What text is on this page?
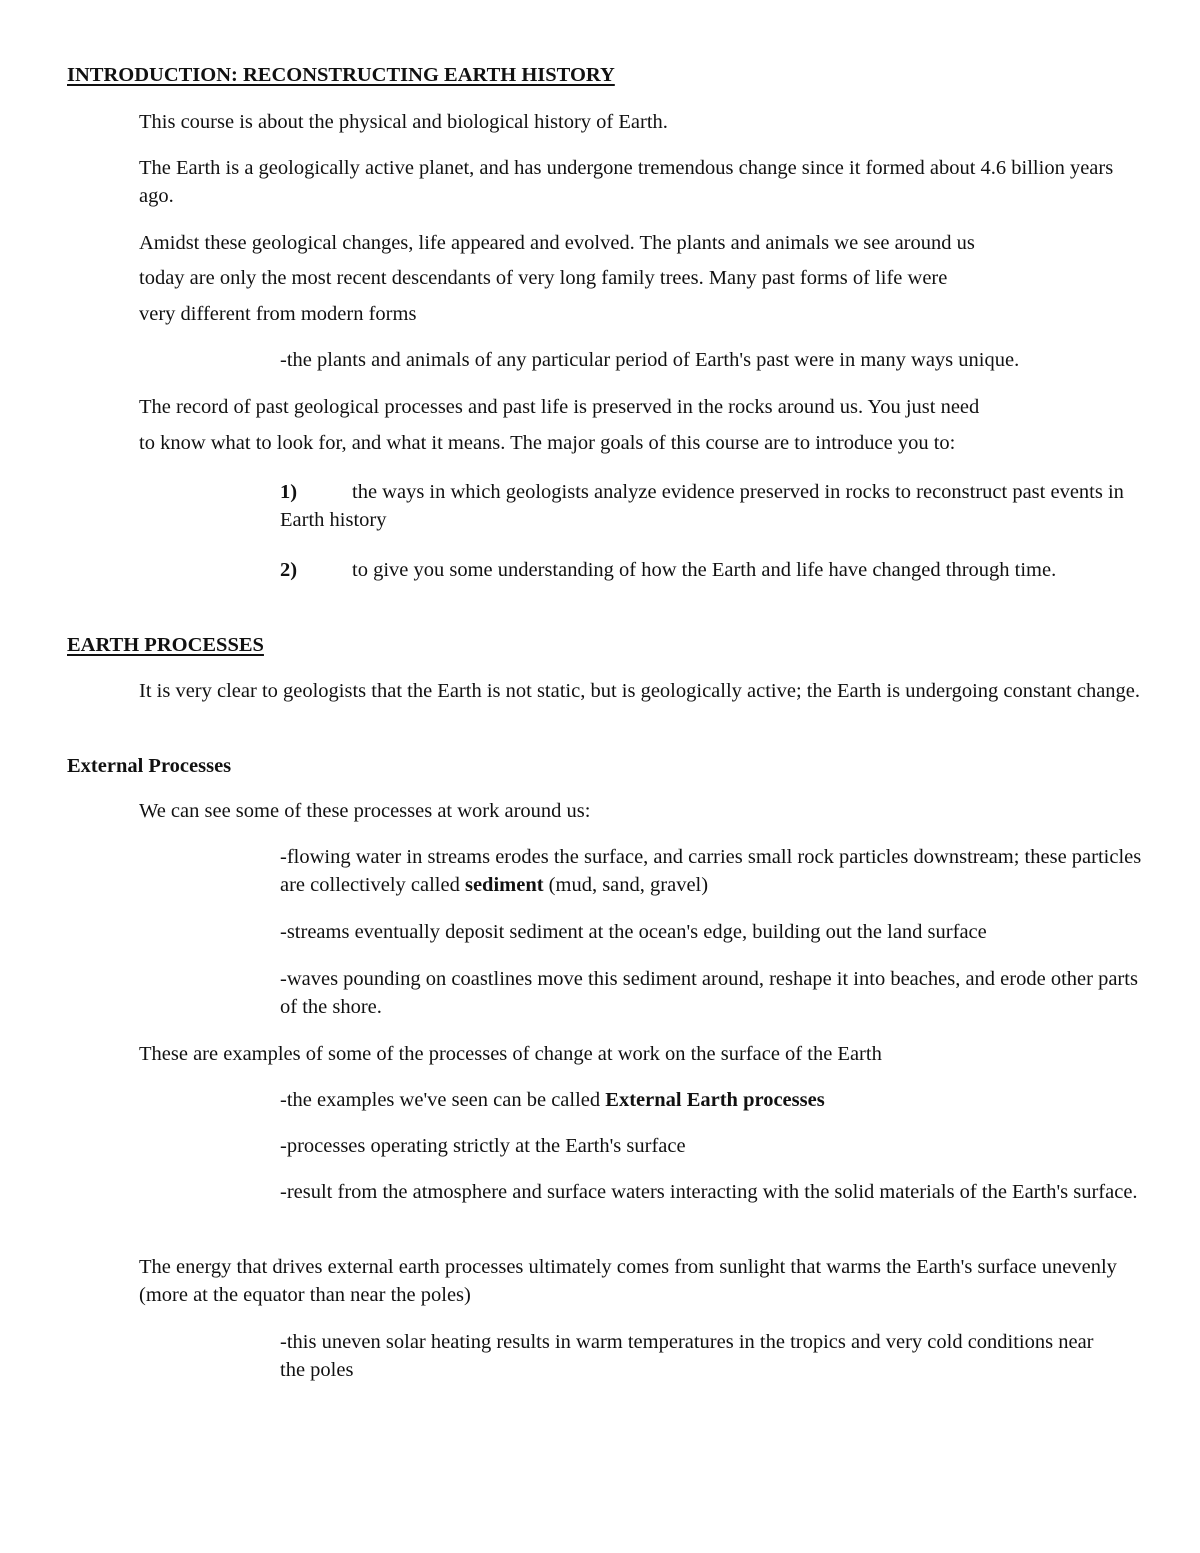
INTRODUCTION: RECONSTRUCTING EARTH HISTORY

This course is about the physical and biological history of Earth.

The Earth is a geologically active planet, and has undergone tremendous change since it formed about 4.6 billion years ago.

Amidst these geological changes, life appeared and evolved. The plants and animals we see around us

today are only the most recent descendants of very long family trees. Many past forms of life were

very different from modern forms

-the plants and animals of any particular period of Earth's past were in many ways unique.

The record of past geological processes and past life is preserved in the rocks around us. You just need

to know what to look for, and what it means. The major goals of this course are to introduce you to:

1)	the ways in which geologists analyze evidence preserved in rocks to reconstruct past events in Earth history
2)	to give you some understanding of how the Earth and life have changed through time.

EARTH PROCESSES

It is very clear to geologists that the Earth is not static, but is geologically active; the Earth is undergoing constant change.

External Processes

We can see some of these processes at work around us:

-flowing water in streams erodes the surface, and carries small rock particles downstream; these particles are collectively called sediment (mud, sand, gravel)

-streams eventually deposit sediment at the ocean's edge, building out the land surface

-waves pounding on coastlines move this sediment around, reshape it into beaches, and erode other parts of the shore.

These are examples of some of the processes of change at work on the surface of the Earth

-the examples we've seen can be called External Earth processes

-processes operating strictly at the Earth's surface

-result from the atmosphere and surface waters interacting with the solid materials of the Earth's surface.

The energy that drives external earth processes ultimately comes from sunlight that warms the Earth's surface unevenly (more at the equator than near the poles)

-this uneven solar heating results in warm temperatures in the tropics and very cold conditions near the poles
